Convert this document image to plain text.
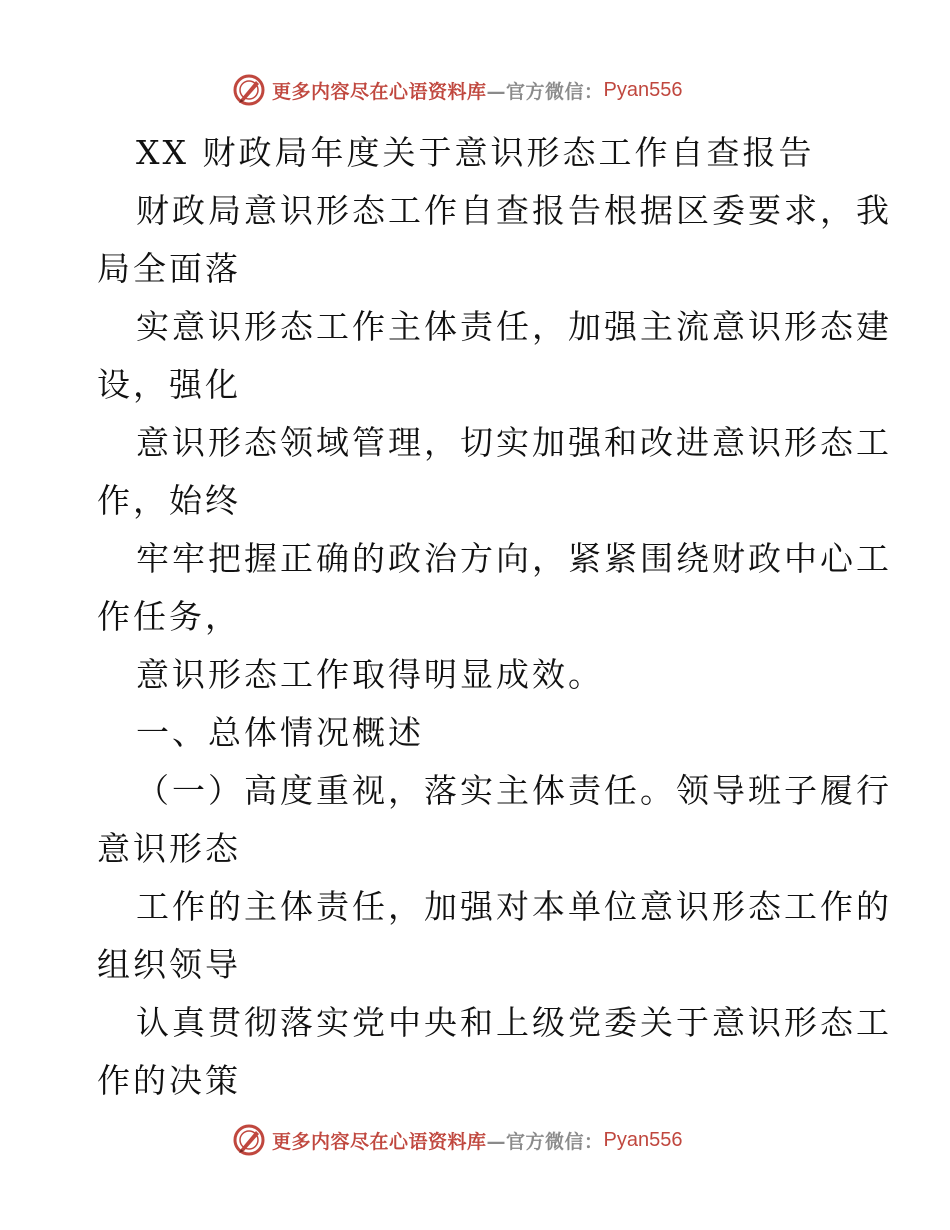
更多内容尽在心语资料库 —官方微信： Pyan556
XX 财政局年度关于意识形态工作自查报告
财政局意识形态工作自查报告根据区委要求，我
局全面落
实意识形态工作主体责任，加强主流意识形态建
设，强化
意识形态领域管理，切实加强和改进意识形态工
作，始终
牢牢把握正确的政治方向，紧紧围绕财政中心工
作任务，
意识形态工作取得明显成效。
一、总体情况概述
（一）高度重视，落实主体责任。领导班子履行
意识形态
工作的主体责任，加强对本单位意识形态工作的
组织领导
认真贯彻落实党中央和上级党委关于意识形态工
作的决策
更多内容尽在心语资料库 —官方微信： Pyan556
